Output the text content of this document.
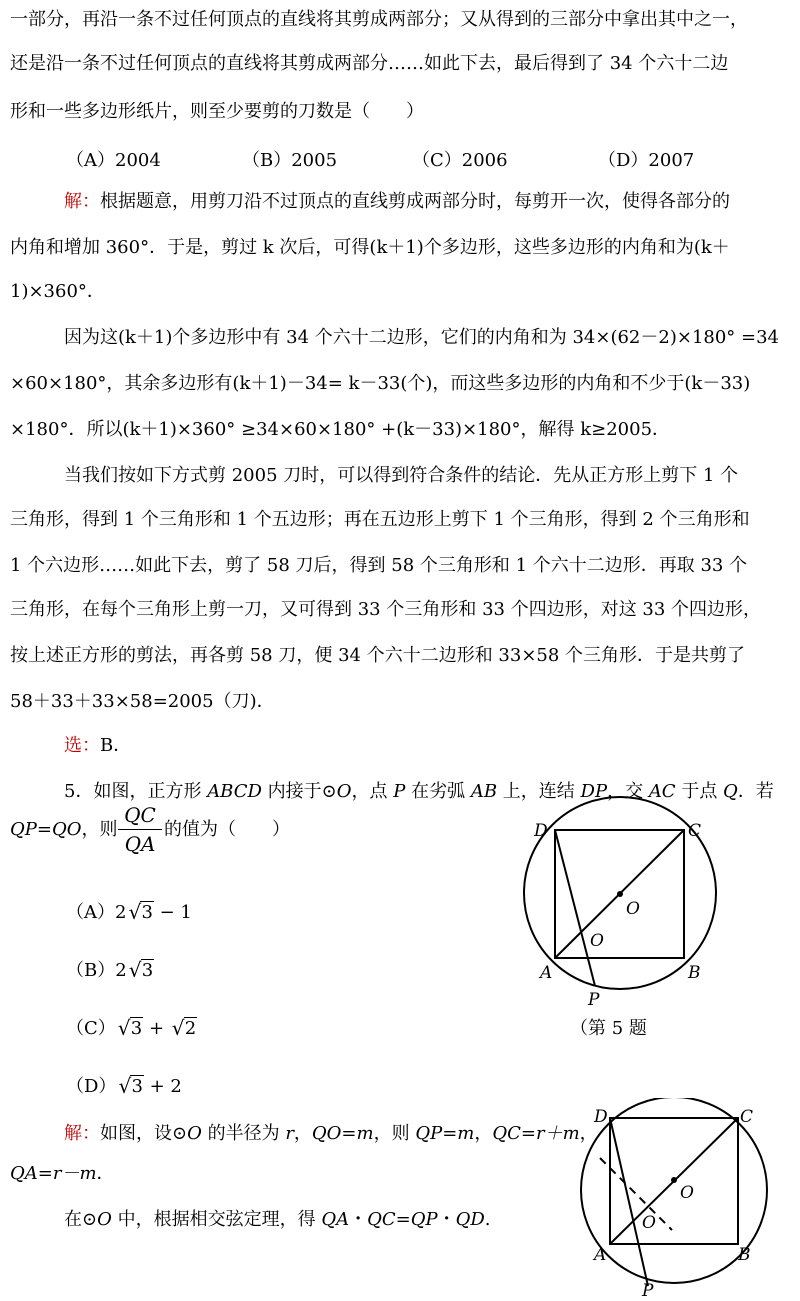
一部分，再沿一条不过任何顶点的直线将其剪成两部分；又从得到的三部分中拿出其中之一，
还是沿一条不过任何顶点的直线将其剪成两部分……如此下去，最后得到了 34 个六十二边
形和一些多边形纸片，则至少要剪的刀数是（　　）
（A）2004	（B）2005	（C）2006	（D）2007
解：根据题意，用剪刀沿不过顶点的直线剪成两部分时，每剪开一次，使得各部分的
内角和增加 360°．于是，剪过 k 次后，可得(k＋1)个多边形，这些多边形的内角和为(k＋
1)×360°．
因为这(k＋1)个多边形中有 34 个六十二边形，它们的内角和为 34×(62－2)×180° =34
×60×180°，其余多边形有(k＋1)－34= k－33(个)，而这些多边形的内角和不少于(k－33)
×180°．所以(k＋1)×360° ≥34×60×180° +(k－33)×180°，解得 k≥2005．
当我们按如下方式剪 2005 刀时，可以得到符合条件的结论．先从正方形上剪下 1 个
三角形，得到 1 个三角形和 1 个五边形；再在五边形上剪下 1 个三角形，得到 2 个三角形和
1 个六边形……如此下去，剪了 58 刀后，得到 58 个三角形和 1 个六十二边形．再取 33 个
三角形，在每个三角形上剪一刀，又可得到 33 个三角形和 33 个四边形，对这 33 个四边形，
按上述正方形的剪法，再各剪 58 刀，便 34 个六十二边形和 33×58 个三角形．于是共剪了
58＋33＋33×58=2005（刀)．
选：B．
5．如图，正方形 ABCD 内接于⊙O，点 P 在劣弧 AB 上，连结 DP，交 AC 于点 Q．若
QP=QO，则
QC
QA
的值为（　　）
（A）2 √ 3 − 1
（B）2 √ 3
（C） √ 3 + √ 2
（D） √ 3 + 2
D	C
A	B
O
O
P
（第 5 题
解：如图，设⊙O 的半径为 r，QO=m，则 QP=m，QC=r＋m，
QA=r－m．
在⊙O 中，根据相交弦定理，得 QA・QC=QP・QD.
D	C
A	B
O
O
P
